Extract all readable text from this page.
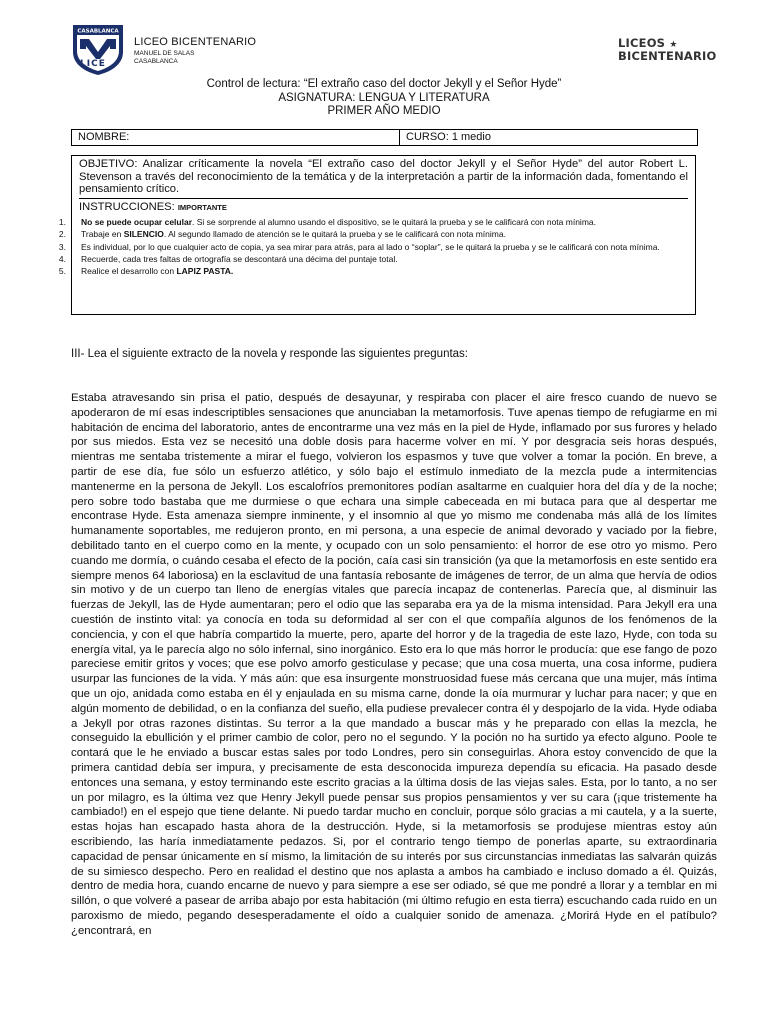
LICE
CASABLANCA
LICEO BICENTENARIO
MANUEL DE SALAS
CASABLANCA
LICEOS ★
BICENTENARIO
Control de lectura: “El extraño caso del doctor Jekyll y el Señor Hyde”
ASIGNATURA: LENGUA Y LITERATURA
PRIMER AÑO MEDIO
NOMBRE:	CURSO: 1 medio
OBJETIVO: Analizar críticamente la novela “El extraño caso del doctor Jekyll y el Señor Hyde” del autor Robert L. Stevenson a través del reconocimiento de la temática y de la interpretación a partir de la información dada, fomentando el pensamiento crítico.
INSTRUCCIONES: IMPORTANTE
1. No se puede ocupar celular. Si se sorprende al alumno usando el dispositivo, se le quitará la prueba y se le calificará con nota mínima.
2. Trabaje en SILENCIO. Al segundo llamado de atención se le quitará la prueba y se le calificará con nota mínima.
3. Es individual, por lo que cualquier acto de copia, ya sea mirar para atrás, para al lado o “soplar”, se le quitará la prueba y se le calificará con nota mínima.
4. Recuerde, cada tres faltas de ortografía se descontará una décima del puntaje total.
5. Realice el desarrollo con LAPIZ PASTA.
III- Lea el siguiente extracto de la novela y responde las siguientes preguntas:
Estaba atravesando sin prisa el patio, después de desayunar, y respiraba con placer el aire fresco cuando de nuevo se apoderaron de mí esas indescriptibles sensaciones que anunciaban la metamorfosis. Tuve apenas tiempo de refugiarme en mi habitación de encima del laboratorio, antes de encontrarme una vez más en la piel de Hyde, inflamado por sus furores y helado por sus miedos. Esta vez se necesitó una doble dosis para hacerme volver en mí. Y por desgracia seis horas después, mientras me sentaba tristemente a mirar el fuego, volvieron los espasmos y tuve que volver a tomar la poción. En breve, a partir de ese día, fue sólo un esfuerzo atlético, y sólo bajo el estímulo inmediato de la mezcla pude a intermitencias mantenerme en la persona de Jekyll. Los escalofríos premonitores podían asaltarme en cualquier hora del día y de la noche; pero sobre todo bastaba que me durmiese o que echara una simple cabeceada en mi butaca para que al despertar me encontrase Hyde. Esta amenaza siempre inminente, y el insomnio al que yo mismo me condenaba más allá de los límites humanamente soportables, me redujeron pronto, en mi persona, a una especie de animal devorado y vaciado por la fiebre, debilitado tanto en el cuerpo como en la mente, y ocupado con un solo pensamiento: el horror de ese otro yo mismo. Pero cuando me dormía, o cuándo cesaba el efecto de la poción, caía casi sin transición (ya que la metamorfosis en este sentido era siempre menos 64 laboriosa) en la esclavitud de una fantasía rebosante de imágenes de terror, de un alma que hervía de odios sin motivo y de un cuerpo tan lleno de energías vitales que parecía incapaz de contenerlas. Parecía que, al disminuir las fuerzas de Jekyll, las de Hyde aumentaran; pero el odio que las separaba era ya de la misma intensidad. Para Jekyll era una cuestión de instinto vital: ya conocía en toda su deformidad al ser con el que compañía algunos de los fenómenos de la conciencia, y con el que habría compartido la muerte, pero, aparte del horror y de la tragedia de este lazo, Hyde, con toda su energía vital, ya le parecía algo no sólo infernal, sino inorgánico. Esto era lo que más horror le producía: que ese fango de pozo pareciese emitir gritos y voces; que ese polvo amorfo gesticulase y pecase; que una cosa muerta, una cosa informe, pudiera usurpar las funciones de la vida. Y más aún: que esa insurgente monstruosidad fuese más cercana que una mujer, más íntima que un ojo, anidada como estaba en él y enjaulada en su misma carne, donde la oía murmurar y luchar para nacer; y que en algún momento de debilidad, o en la confianza del sueño, ella pudiese prevalecer contra él y despojarlo de la vida. Hyde odiaba a Jekyll por otras razones distintas. Su terror a la que mandado a buscar más y he preparado con ellas la mezcla, he conseguido la ebullición y el primer cambio de color, pero no el segundo. Y la poción no ha surtido ya efecto alguno. Poole te contará que le he enviado a buscar estas sales por todo Londres, pero sin conseguirlas. Ahora estoy convencido de que la primera cantidad debía ser impura, y precisamente de esta desconocida impureza dependía su eficacia. Ha pasado desde entonces una semana, y estoy terminando este escrito gracias a la última dosis de las viejas sales. Esta, por lo tanto, a no ser un por milagro, es la última vez que Henry Jekyll puede pensar sus propios pensamientos y ver su cara (¡que tristemente ha cambiado!) en el espejo que tiene delante. Ni puedo tardar mucho en concluir, porque sólo gracias a mi cautela, y a la suerte, estas hojas han escapado hasta ahora de la destrucción. Hyde, si la metamorfosis se produjese mientras estoy aún escribiendo, las haría inmediatamente pedazos. Si, por el contrario tengo tiempo de ponerlas aparte, su extraordinaria capacidad de pensar únicamente en sí mismo, la limitación de su interés por sus circunstancias inmediatas las salvarán quizás de su simiesco despecho. Pero en realidad el destino que nos aplasta a ambos ha cambiado e incluso domado a él. Quizás, dentro de media hora, cuando encarne de nuevo y para siempre a ese ser odiado, sé que me pondré a llorar y a temblar en mi sillón, o que volveré a pasear de arriba abajo por esta habitación (mi último refugio en esta tierra) escuchando cada ruido en un paroxismo de miedo, pegando desesperadamente el oído a cualquier sonido de amenaza. ¿Morirá Hyde en el patíbulo? ¿encontrará, en
